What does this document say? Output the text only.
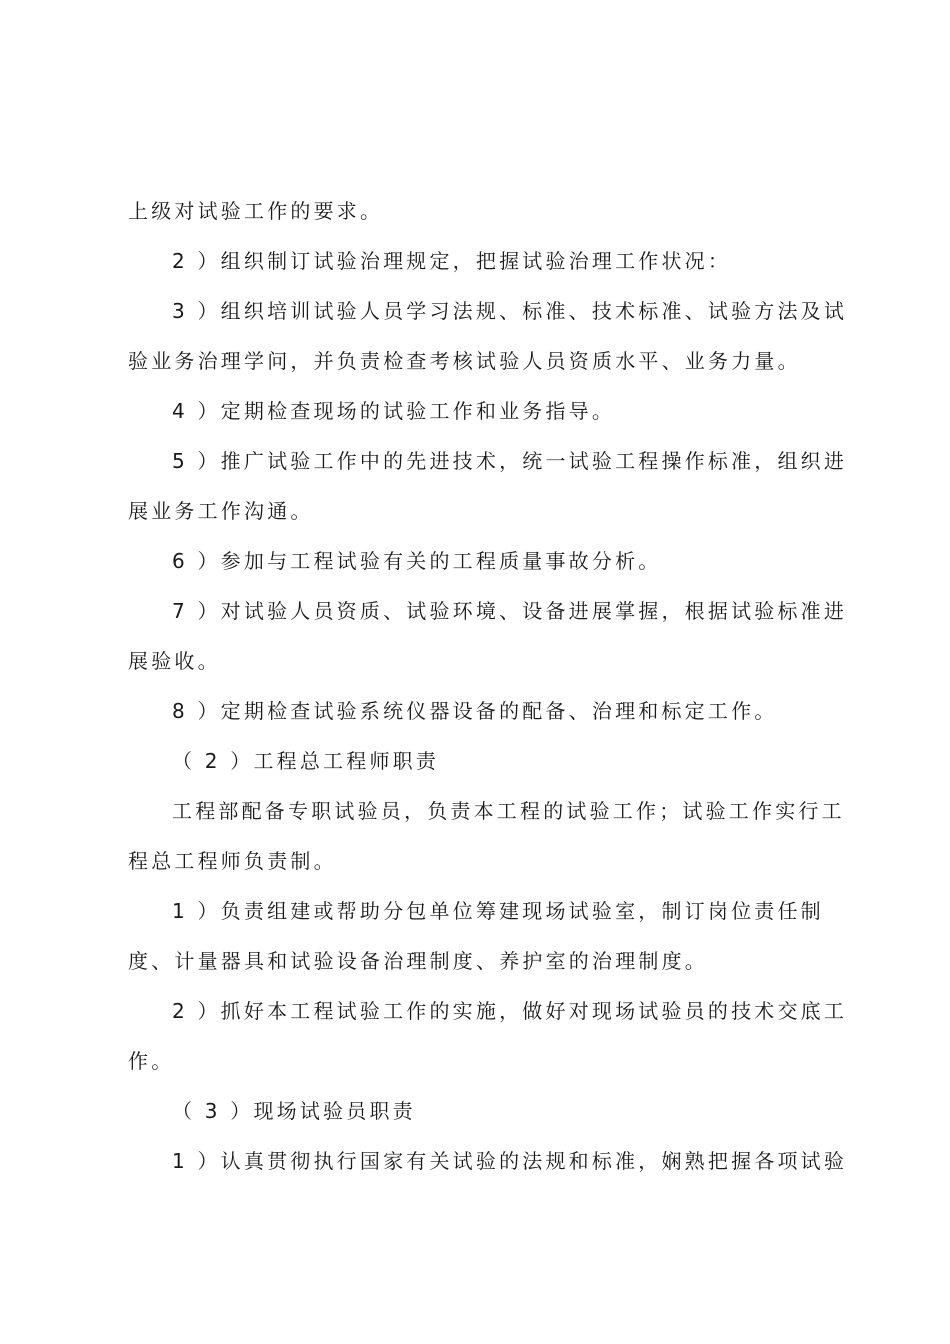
上级对试验工作的要求。
2 ）组织制订试验治理规定，把握试验治理工作状况：
3 ）组织培训试验人员学习法规、标准、技术标准、试验方法及试
验业务治理学问，并负责检查考核试验人员资质水平、业务力量。
4 ）定期检查现场的试验工作和业务指导。
5 ）推广试验工作中的先进技术，统一试验工程操作标准，组织进
展业务工作沟通。
6 ）参加与工程试验有关的工程质量事故分析。
7 ）对试验人员资质、试验环境、设备进展掌握，根据试验标准进
展验收。
8 ）定期检查试验系统仪器设备的配备、治理和标定工作。
（ 2 ）工程总工程师职责
工程部配备专职试验员，负责本工程的试验工作；试验工作实行工
程总工程师负责制。
1 ）负责组建或帮助分包单位筹建现场试验室，制订岗位责任制
度、计量器具和试验设备治理制度、养护室的治理制度。
2 ）抓好本工程试验工作的实施，做好对现场试验员的技术交底工
作。
（ 3 ）现场试验员职责
1 ）认真贯彻执行国家有关试验的法规和标准，娴熟把握各项试验
